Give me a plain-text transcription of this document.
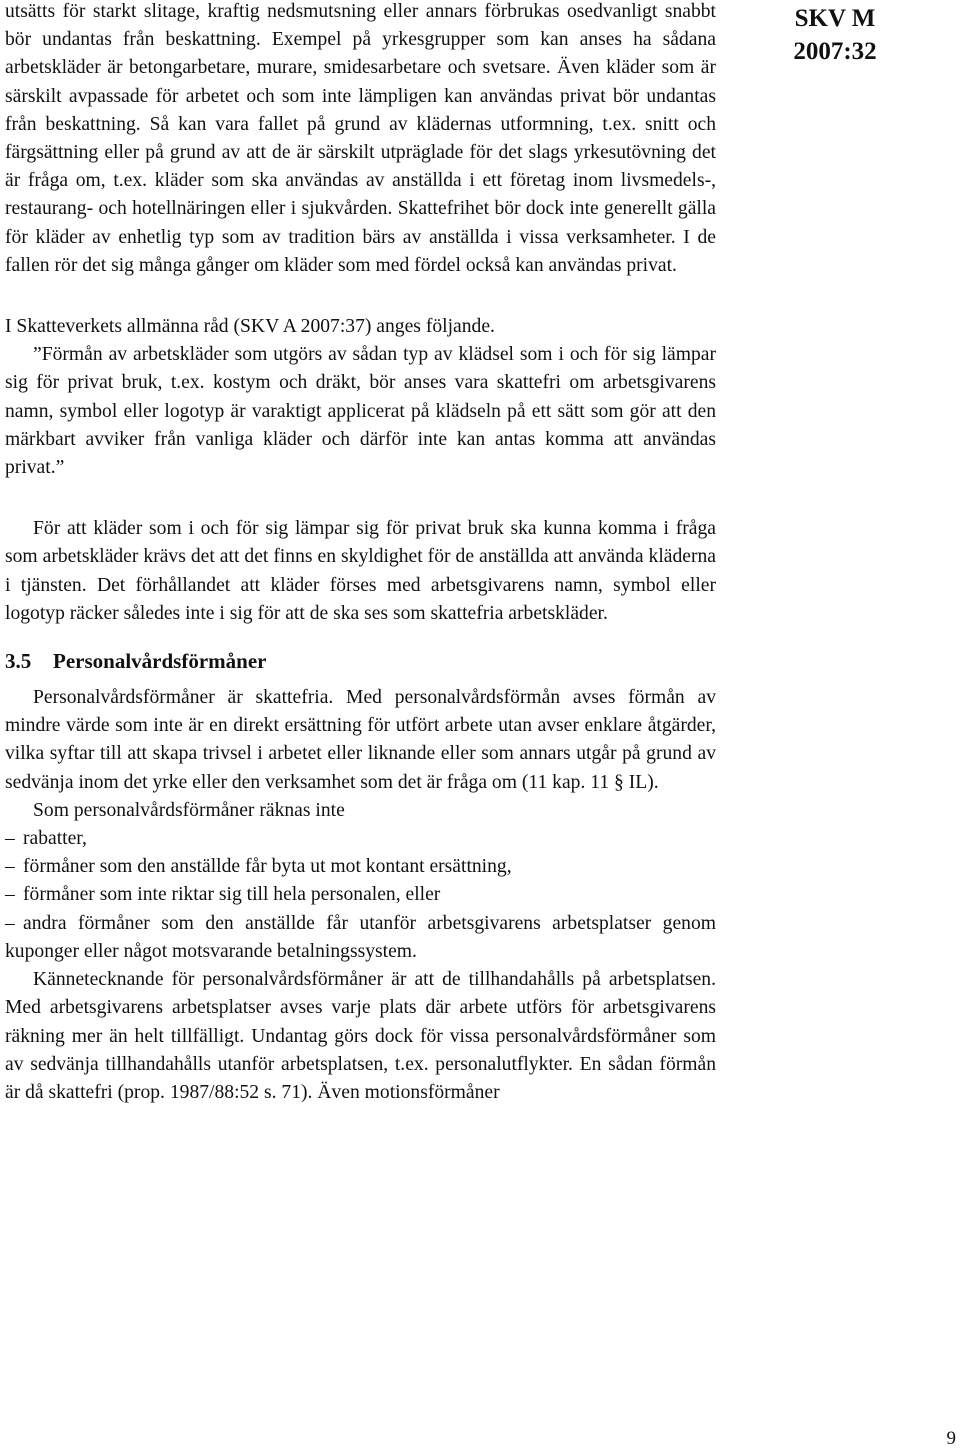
SKV M
2007:32

utsätts för starkt slitage, kraftig nedsmutsning eller annars förbrukas osedvanligt snabbt bör undantas från beskattning. Exempel på yrkesgrupper som kan anses ha sådana arbetskläder är betongarbetare, murare, smidesarbetare och svetsare. Även kläder som är särskilt avpassade för arbetet och som inte lämpligen kan användas privat bör undantas från beskattning. Så kan vara fallet på grund av klädernas utformning, t.ex. snitt och färgsättning eller på grund av att de är särskilt utpräglade för det slags yrkesutövning det är fråga om, t.ex. kläder som ska användas av anställda i ett företag inom livsmedels-, restaurang- och hotellnäringen eller i sjukvården. Skattefrihet bör dock inte generellt gälla för kläder av enhetlig typ som av tradition bärs av anställda i vissa verksamheter. I de fallen rör det sig många gånger om kläder som med fördel också kan användas privat.

I Skatteverkets allmänna råd (SKV A 2007:37) anges följande.

”Förmån av arbetskläder som utgörs av sådan typ av klädsel som i och för sig lämpar sig för privat bruk, t.ex. kostym och dräkt, bör anses vara skattefri om arbetsgivarens namn, symbol eller logotyp är varaktigt applicerat på klädseln på ett sätt som gör att den märkbart avviker från vanliga kläder och därför inte kan antas komma att användas privat.”

För att kläder som i och för sig lämpar sig för privat bruk ska kunna komma i fråga som arbetskläder krävs det att det finns en skyldighet för de anställda att använda kläderna i tjänsten. Det förhållandet att kläder förses med arbetsgivarens namn, symbol eller logotyp räcker således inte i sig för att de ska ses som skattefria arbetskläder.

3.5 Personalvårdsförmåner

Personalvårdsförmåner är skattefria. Med personalvårdsförmån avses förmån av mindre värde som inte är en direkt ersättning för utfört arbete utan avser enklare åtgärder, vilka syftar till att skapa trivsel i arbetet eller liknande eller som annars utgår på grund av sedvänja inom det yrke eller den verksamhet som det är fråga om (11 kap. 11 § IL).

Som personalvårdsförmåner räknas inte

– rabatter,

– förmåner som den anställde får byta ut mot kontant ersättning,

– förmåner som inte riktar sig till hela personalen, eller

– andra förmåner som den anställde får utanför arbetsgivarens arbetsplatser genom kuponger eller något motsvarande betalningssystem.

Kännetecknande för personalvårdsförmåner är att de tillhandahålls på arbetsplatsen. Med arbetsgivarens arbetsplatser avses varje plats där arbete utförs för arbetsgivarens räkning mer än helt tillfälligt. Undantag görs dock för vissa personalvårdsförmåner som av sedvänja tillhandahålls utanför arbetsplatsen, t.ex. personalutflykter. En sådan förmån är då skattefri (prop. 1987/88:52 s. 71). Även motionsförmåner

9
